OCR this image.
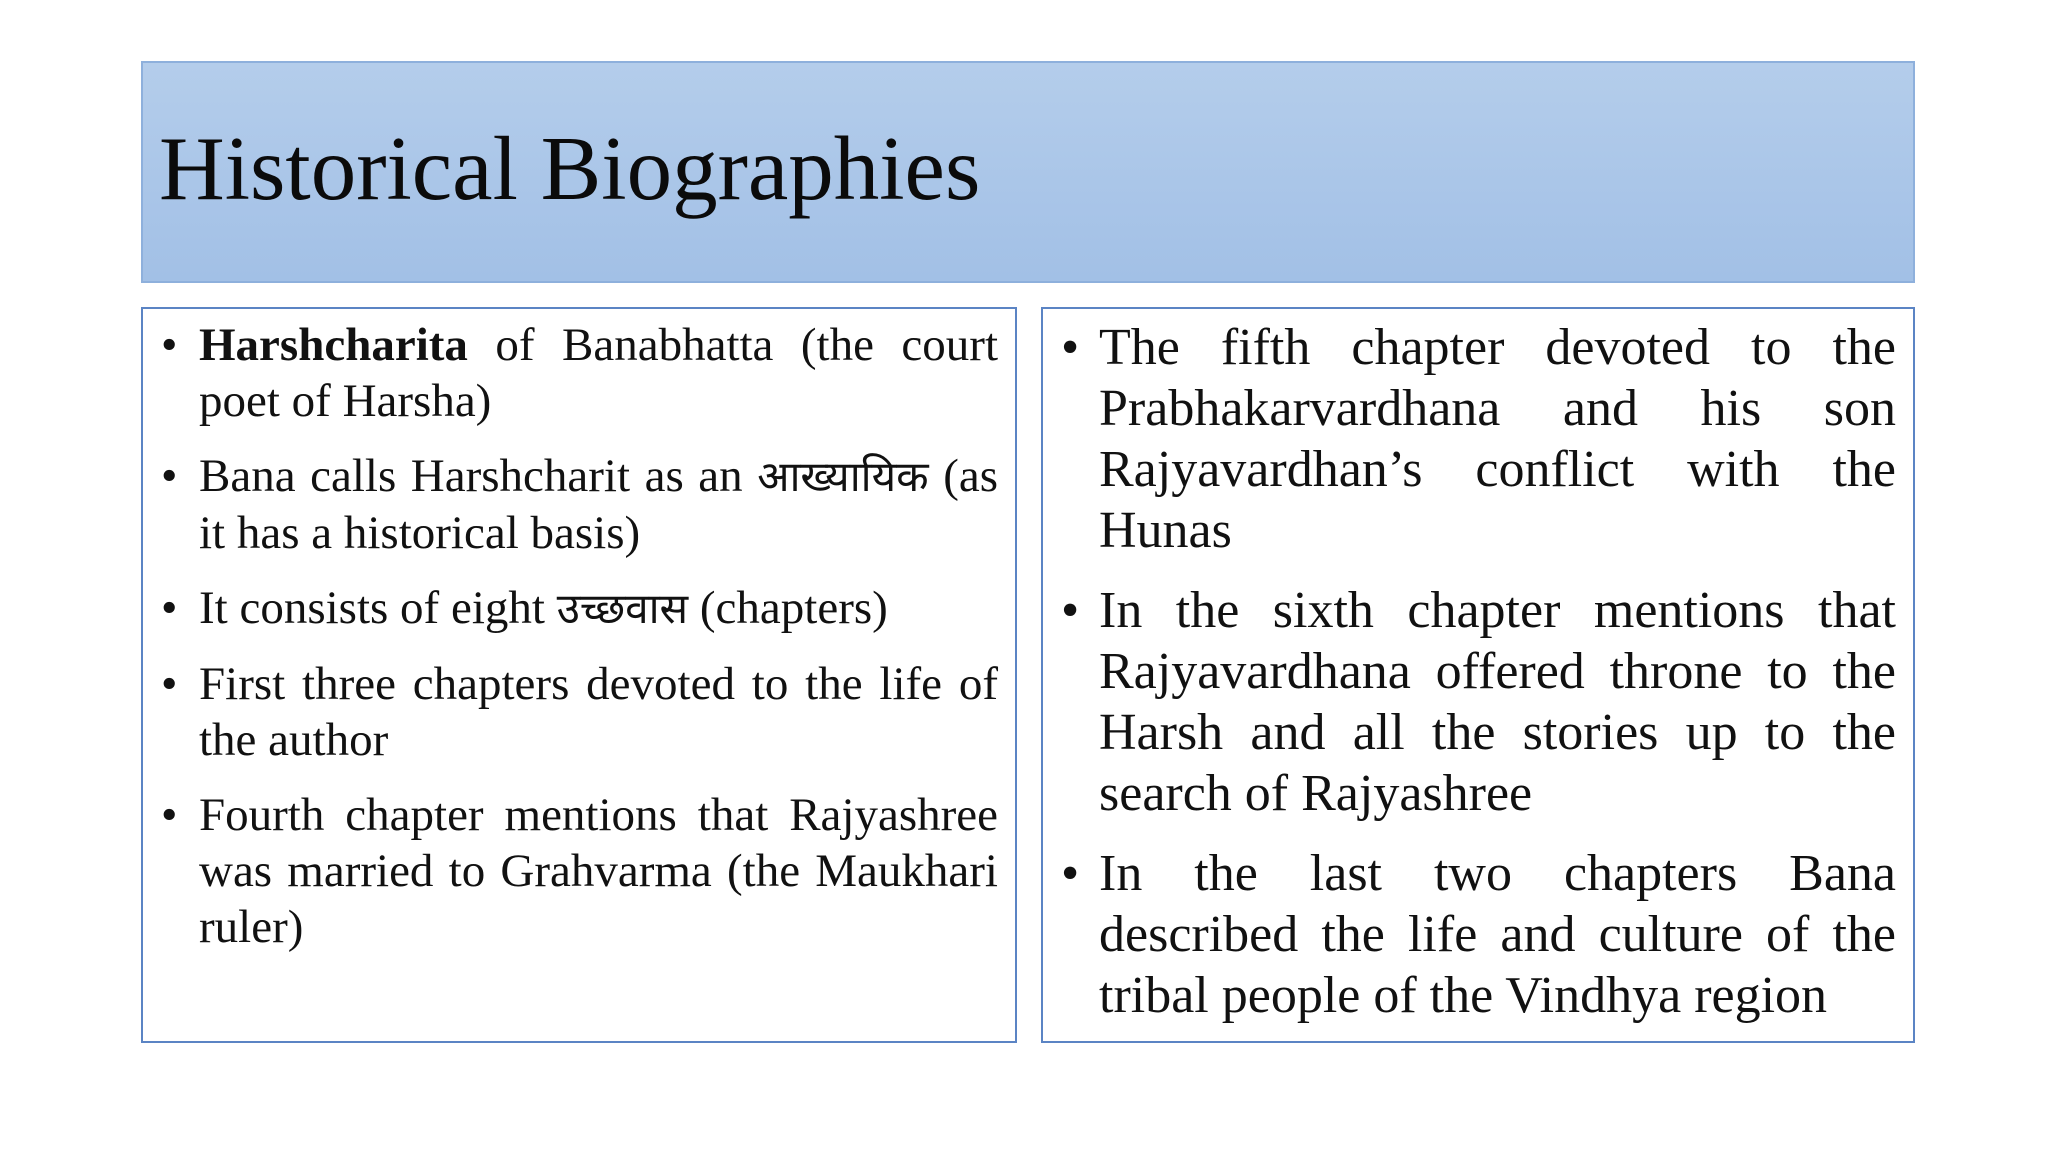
Historical Biographies
• Harshcharita of Banabhatta (the court poet of Harsha)
• Bana calls Harshcharit as an आख्यायिक (as it has a historical basis)
• It consists of eight उच्छवास (chapters)
• First three chapters devoted to the life of the author
• Fourth chapter mentions that Rajyashree was married to Grahvarma (the Maukhari ruler)
• The fifth chapter devoted to the Prabhakarvardhana and his son Rajyavardhan’s conflict with the Hunas
• In the sixth chapter mentions that Rajyavardhana offered throne to the Harsh and all the stories up to the search of Rajyashree
• In the last two chapters Bana described the life and culture of the tribal people of the Vindhya region
